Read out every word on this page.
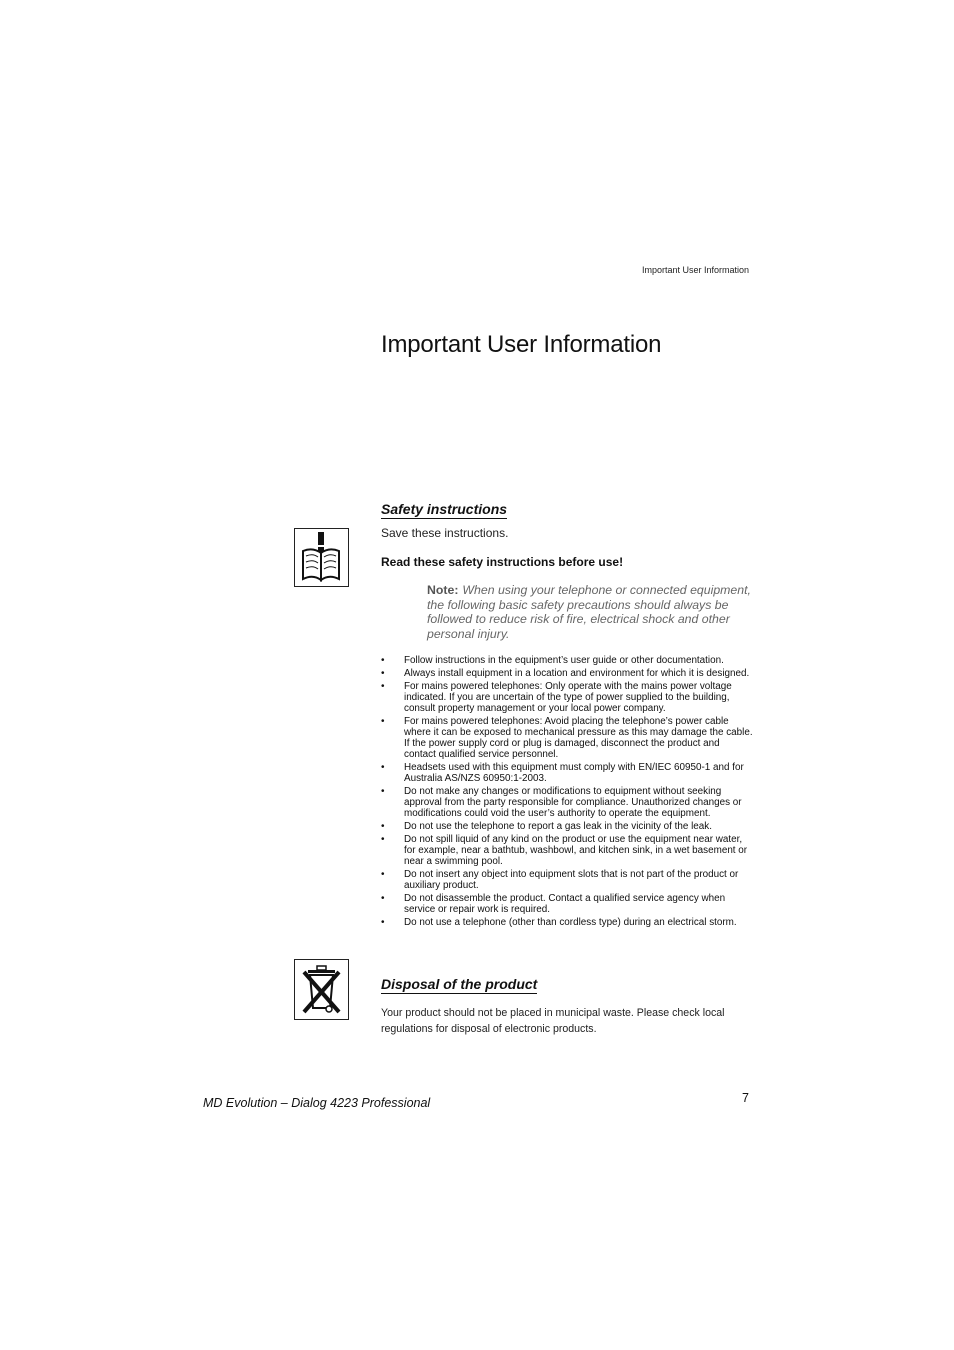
Important User Information
Important User Information
Safety instructions
Save these instructions.
Read these safety instructions before use!
Note: When using your telephone or connected equipment, the following basic safety precautions should always be followed to reduce risk of fire, electrical shock and other personal injury.
• Follow instructions in the equipment’s user guide or other documentation.
• Always install equipment in a location and environment for which it is designed.
• For mains powered telephones: Only operate with the mains power voltage indicated. If you are uncertain of the type of power supplied to the building, consult property management or your local power company.
• For mains powered telephones: Avoid placing the telephone’s power cable where it can be exposed to mechanical pressure as this may damage the cable. If the power supply cord or plug is damaged, disconnect the product and contact qualified service personnel.
• Headsets used with this equipment must comply with EN/IEC 60950-1 and for Australia AS/NZS 60950:1-2003.
• Do not make any changes or modifications to equipment without seeking approval from the party responsible for compliance. Unauthorized changes or modifications could void the user’s authority to operate the equipment.
• Do not use the telephone to report a gas leak in the vicinity of the leak.
• Do not spill liquid of any kind on the product or use the equipment near water, for example, near a bathtub, washbowl, and kitchen sink, in a wet basement or near a swimming pool.
• Do not insert any object into equipment slots that is not part of the product or auxiliary product.
• Do not disassemble the product. Contact a qualified service agency when service or repair work is required.
• Do not use a telephone (other than cordless type) during an electrical storm.
Disposal of the product
Your product should not be placed in municipal waste. Please check local regulations for disposal of electronic products.
MD Evolution – Dialog 4223 Professional	7
